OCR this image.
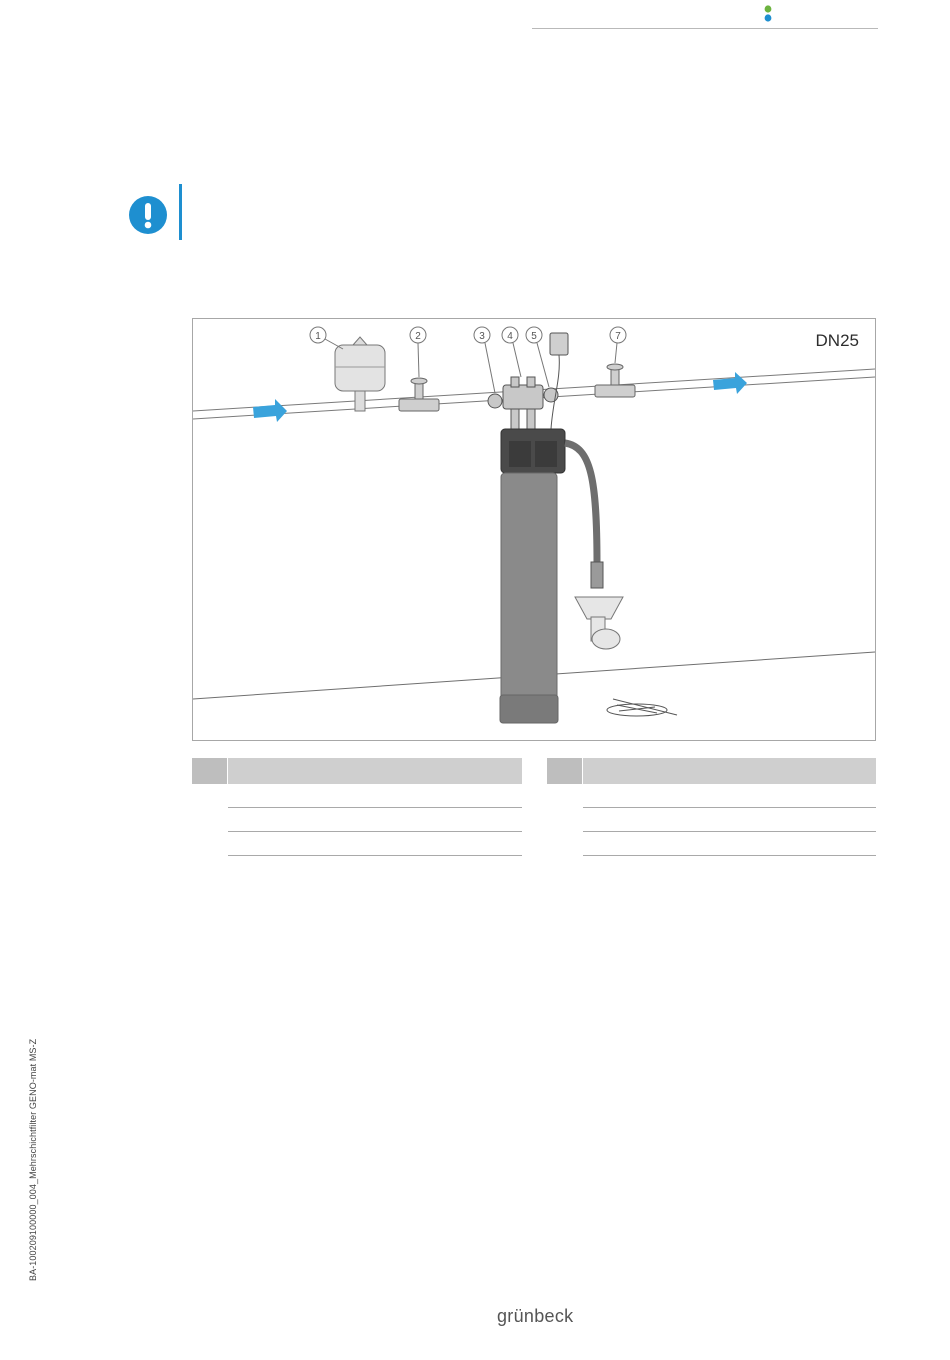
1	2	3 4 5	7	DN25
BA-100209100000_004_Mehrschichtfilter GENO-mat MS-Z
grünbeck
